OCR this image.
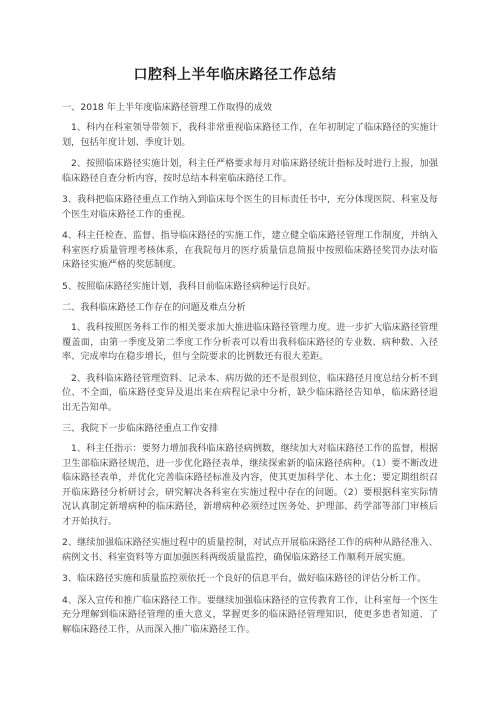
口腔科上半年临床路径工作总结
一、2018 年上半年度临床路径管理工作取得的成效
1、科内在科室领导带领下，我科非常重视临床路径工作，在年初制定了临床路径的实施计划，包括年度计划、季度计划。
2、按照临床路径实施计划，科主任严格要求每月对临床路径统计指标及时进行上报，加强临床路径自查分析内容，按时总结本科室临床路径工作。
3、我科把临床路径重点工作纳入到临床每个医生的目标责任书中，充分体现医院、科室及每个医生对临床路径工作的重视。
4、科主任检查、监督、指导临床路径的实施工作，建立健全临床路径管理工作制度，并纳入科室医疗质量管理考核体系，在我院每月的医疗质量信息简报中按照临床路径奖罚办法对临床路径实施严格的奖惩制度。
5、按照临床路径实施计划，我科目前临床路径病种运行良好。
二、我科临床路径工作存在的问题及难点分析
1、我科按照医务科工作的相关要求加大推进临床路径管理力度。进一步扩大临床路径管理覆盖面，由第一季度及第二季度工作分析表可以看出我科临床路径的专业数、病种数、入径率、完成率均在稳步增长，但与全院要求的比例数还有很大差距。
2、我科临床路径管理资料、记录本、病历做的还不是很到位，临床路径月度总结分析不到位、不全面，临床路径变异及退出来在病程记录中分析，缺少临床路径告知单，临床路径退出无告知单。
三、我院下一步临床路径重点工作安排
1、科主任指示：要努力增加我科临床路径病例数，继续加大对临床路径工作的监督，根据卫生部临床路径规范，进一步优化路径表单，继续探索新的临床路径病种。（1）要不断改进临床路径表单，并优化完善临床路径标准及内容，使其更加科学化、本土化；要定期组织召开临床路径分析研讨会，研究解决各科室在实施过程中存在的问题。（2）要根据科室实际情况认真制定新增病种的临床路径，新增病种必须经过医务处、护理部、药学部等部门审核后才开始执行。
2、继续加强临床路径实施过程中的质量控制，对试点开展临床路径工作的病种从路径准入、病例文书、科室资料等方面加强医科两级质量监控，确保临床路径工作顺利开展实施。
3、临床路径实施和质量监控须依托一个良好的信息平台，做好临床路径的评估分析工作。
4、深入宣传和推广临床路径工作。要继续加强临床路径的宣传教育工作，让科室每一个医生充分理解到临床路径管理的重大意义，掌握更多的临床路径管理知识，使更多患者知道、了解临床路径工作，从而深入推广临床路径工作。
